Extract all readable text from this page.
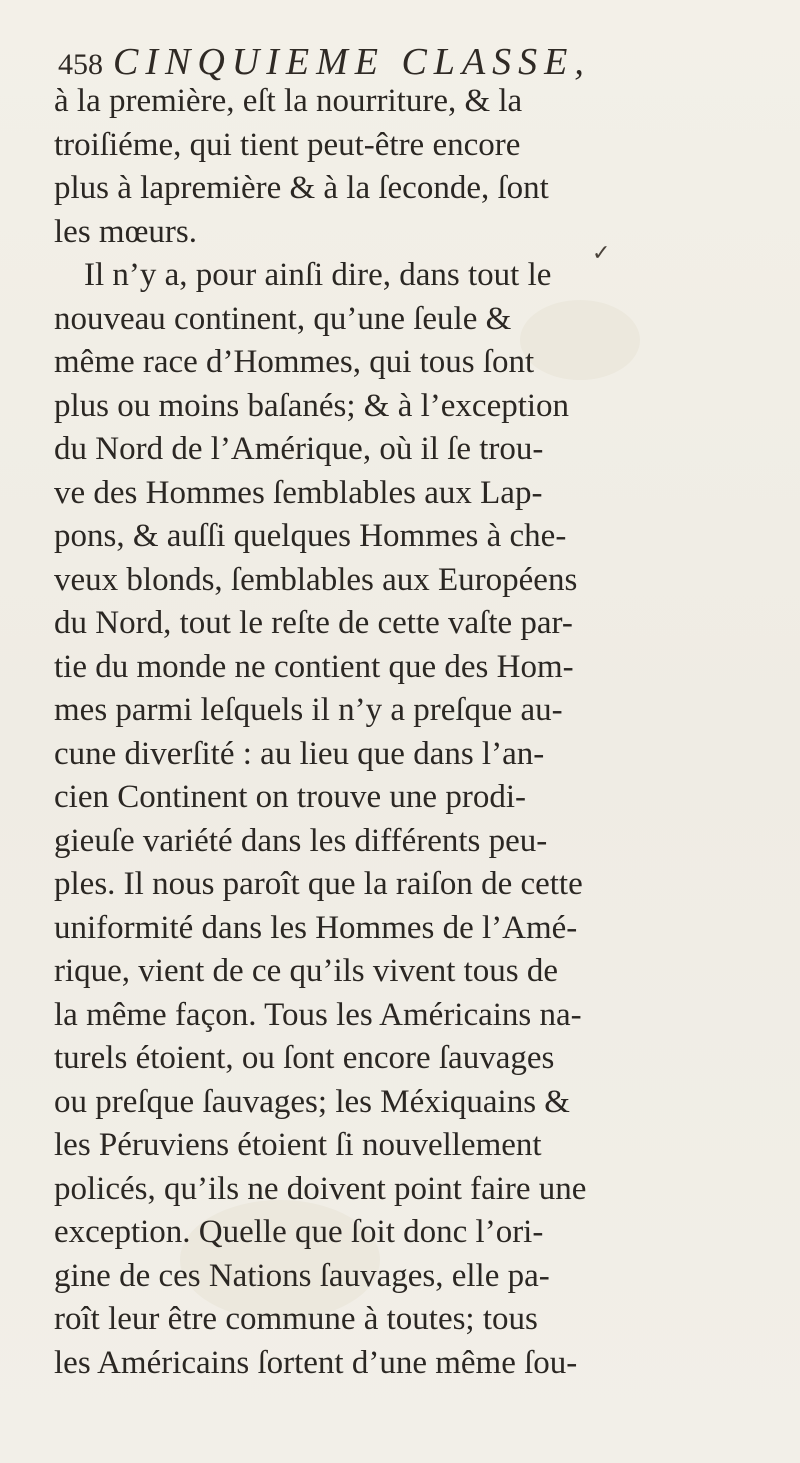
458 CINQUIEME CLASSE,
✓
à la première, eſt la nourriture, & la
troiſiéme, qui tient peut-être encore
plus à lapremière & à la ſeconde, ſont
les mœurs.
Il n’y a, pour ainſi dire, dans tout le
nouveau continent, qu’une ſeule &
même race d’Hommes, qui tous ſont
plus ou moins baſanés; & à l’exception
du Nord de l’Amérique, où il ſe trou-
ve des Hommes ſemblables aux Lap-
pons, & auſſi quelques Hommes à che-
veux blonds, ſemblables aux Européens
du Nord, tout le reſte de cette vaſte par-
tie du monde ne contient que des Hom-
mes parmi leſquels il n’y a preſque au-
cune diverſité : au lieu que dans l’an-
cien Continent on trouve une prodi-
gieuſe variété dans les différents peu-
ples. Il nous paroît que la raiſon de cette
uniformité dans les Hommes de l’Amé-
rique, vient de ce qu’ils vivent tous de
la même façon. Tous les Américains na-
turels étoient, ou ſont encore ſauvages
ou preſque ſauvages; les Méxiquains &
les Péruviens étoient ſi nouvellement
policés, qu’ils ne doivent point faire une
exception. Quelle que ſoit donc l’ori-
gine de ces Nations ſauvages, elle pa-
roît leur être commune à toutes; tous
les Américains ſortent d’une même ſou-
